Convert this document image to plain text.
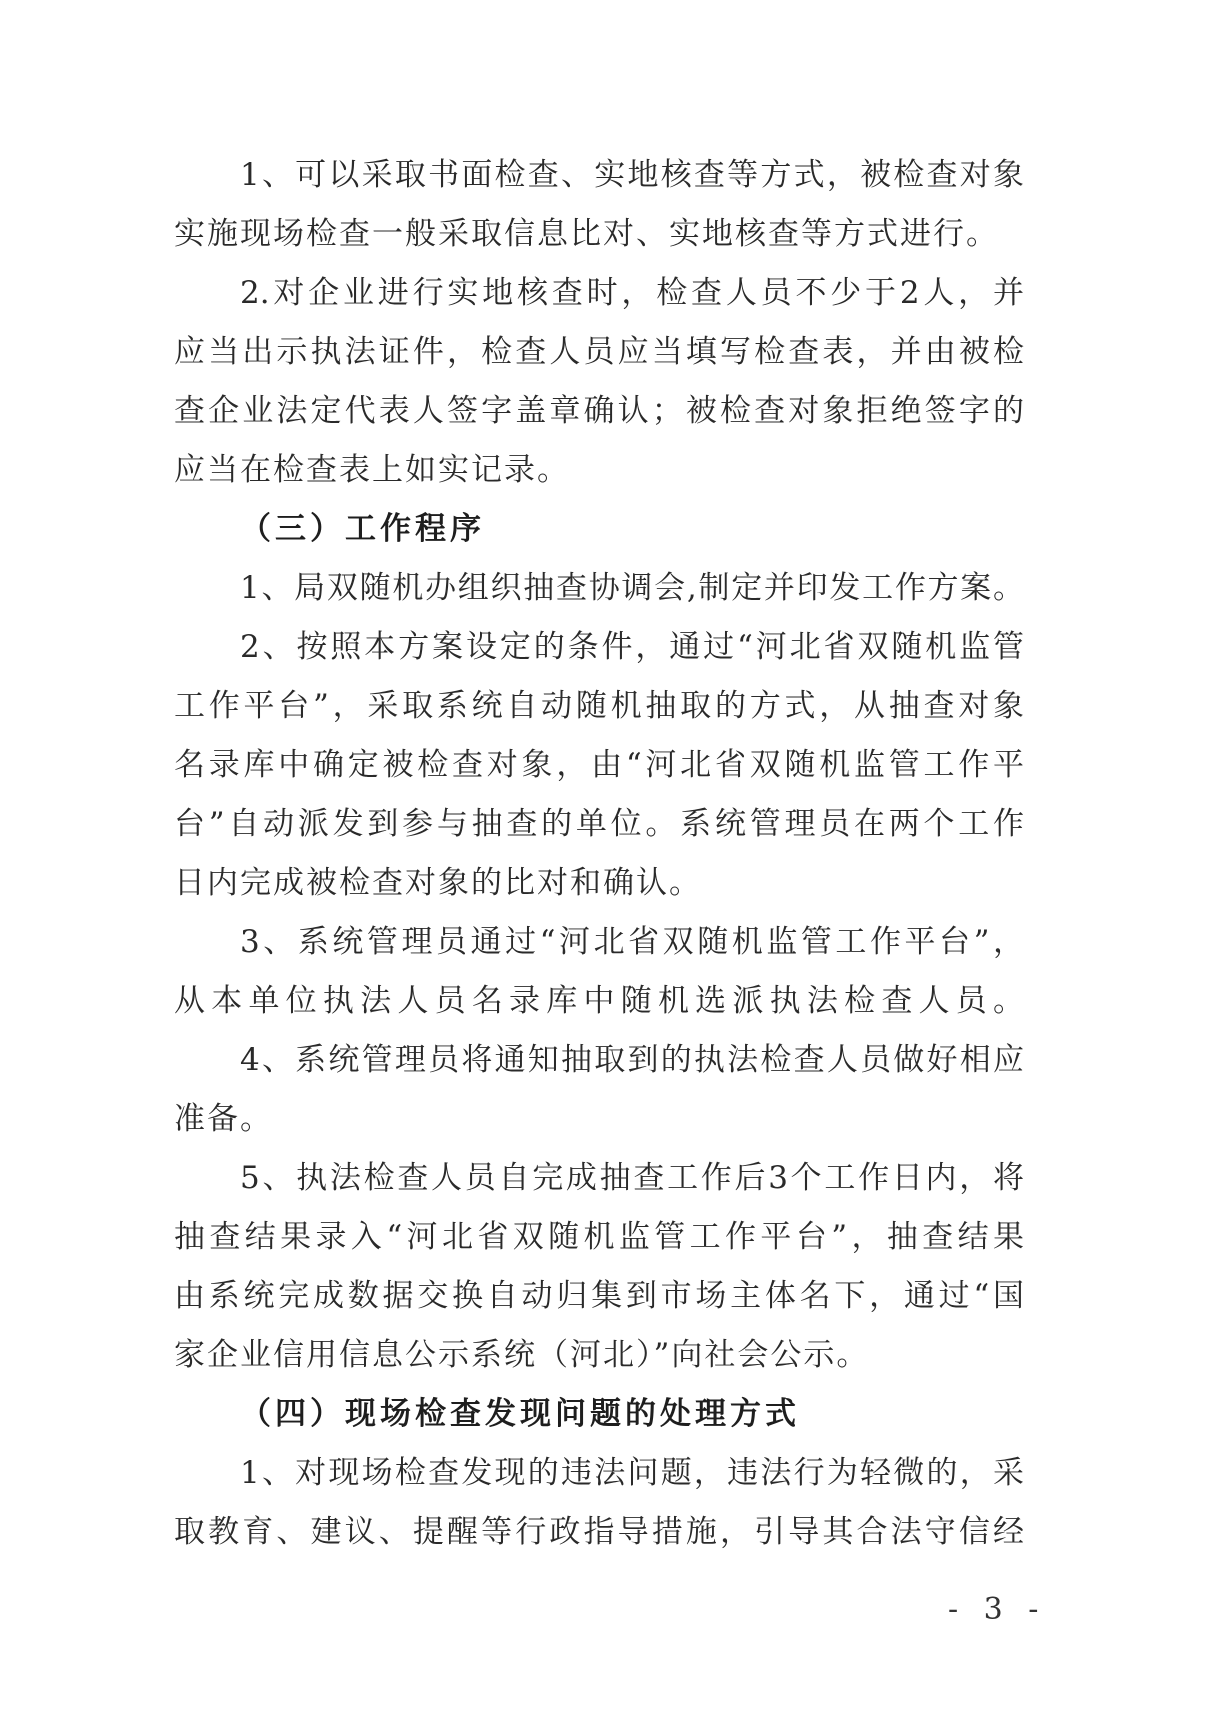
1、可以采取书面检查、实地核查等方式，被检查对象
实施现场检查一般采取信息比对、实地核查等方式进行。
2.对企业进行实地核查时，检查人员不少于2人，并
应当出示执法证件，检查人员应当填写检查表，并由被检
查企业法定代表人签字盖章确认；被检查对象拒绝签字的
应当在检查表上如实记录。
（三）工作程序
1、局双随机办组织抽查协调会,制定并印发工作方案。
2、按照本方案设定的条件，通过“河北省双随机监管
工作平台”，采取系统自动随机抽取的方式，从抽查对象
名录库中确定被检查对象，由“河北省双随机监管工作平
台”自动派发到参与抽查的单位。系统管理员在两个工作
日内完成被检查对象的比对和确认。
3、系统管理员通过“河北省双随机监管工作平台”，
从本单位执法人员名录库中随机选派执法检查人员。
4、系统管理员将通知抽取到的执法检查人员做好相应
准备。
5、执法检查人员自完成抽查工作后3个工作日内，将
抽查结果录入“河北省双随机监管工作平台”，抽查结果
由系统完成数据交换自动归集到市场主体名下，通过“国
家企业信用信息公示系统（河北）”向社会公示。
（四）现场检查发现问题的处理方式
1、对现场检查发现的违法问题，违法行为轻微的，采
取教育、建议、提醒等行政指导措施，引导其合法守信经
- 3 -
